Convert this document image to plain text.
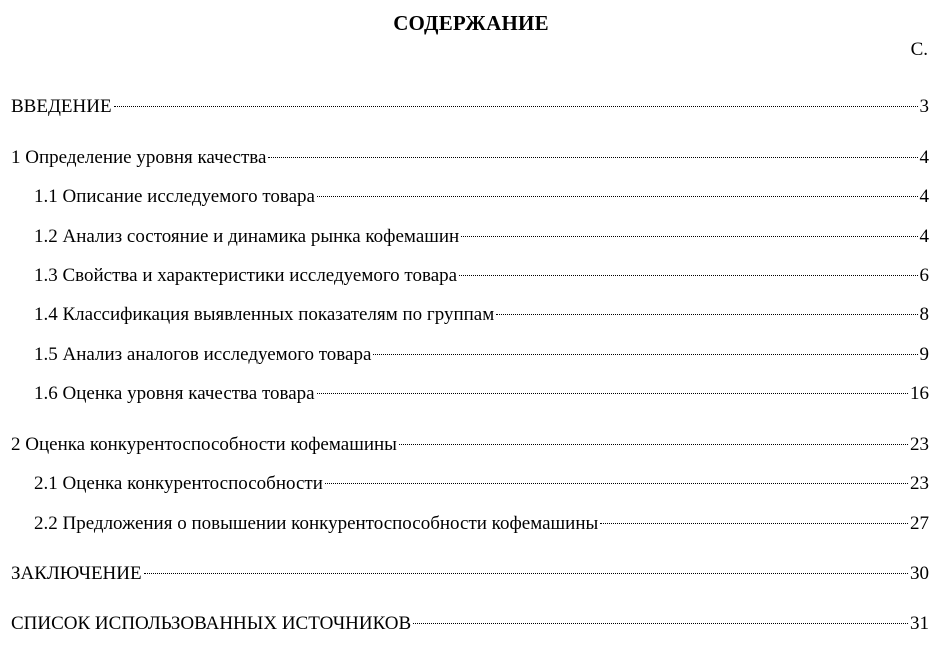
СОДЕРЖАНИЕ
С.
ВВЕДЕНИЕ	3
1 Определение уровня качества	4
1.1 Описание исследуемого товара	4
1.2 Анализ состояние и динамика рынка кофемашин	4
1.3 Свойства и характеристики исследуемого товара	6
1.4 Классификация выявленных показателям по группам	8
1.5 Анализ аналогов исследуемого товара	9
1.6 Оценка уровня качества товара	16
2 Оценка конкурентоспособности кофемашины	23
2.1 Оценка конкурентоспособности	23
2.2 Предложения о повышении конкурентоспособности кофемашины	27
ЗАКЛЮЧЕНИЕ	30
СПИСОК ИСПОЛЬЗОВАННЫХ ИСТОЧНИКОВ	31
